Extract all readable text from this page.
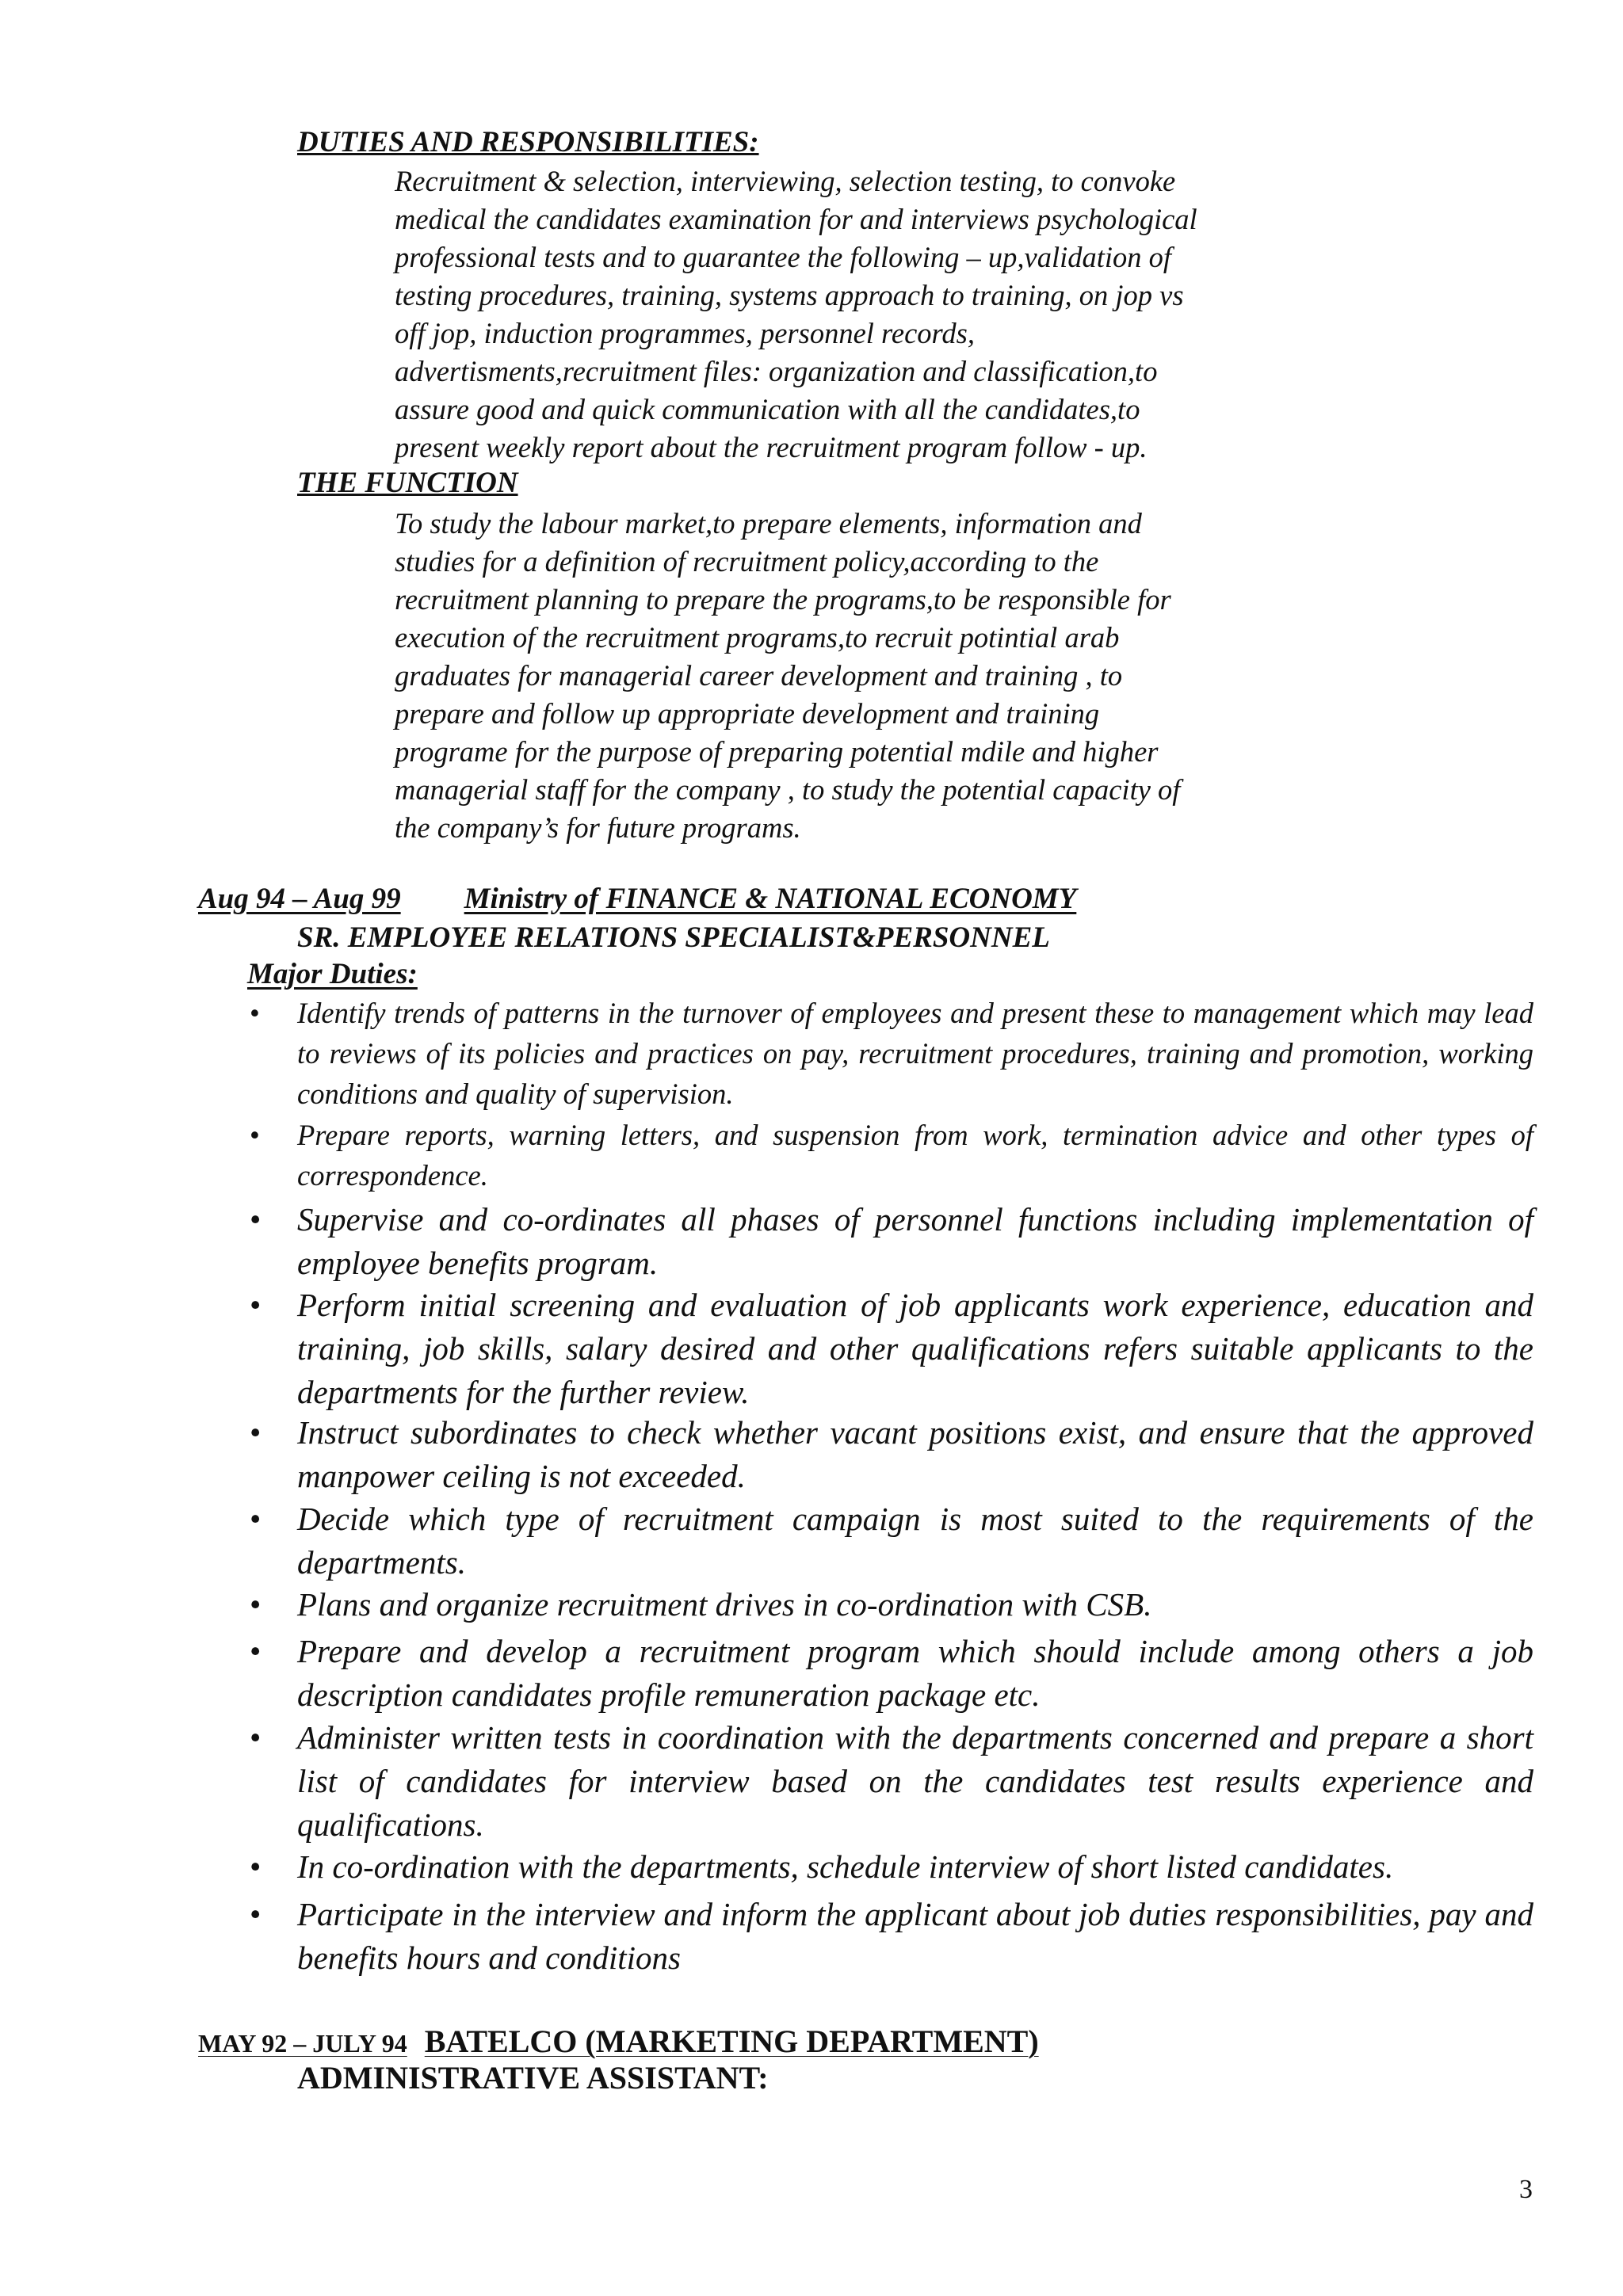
DUTIES AND RESPONSIBILITIES:

Recruitment & selection, interviewing, selection testing, to convoke

medical the candidates examination for and interviews psychological

professional tests and to guarantee the following – up,validation of

testing procedures, training, systems approach to training, on jop vs

off jop, induction programmes, personnel records,

advertisments,recruitment files: organization and classification,to

assure good and quick communication with all the candidates,to

present weekly report about the recruitment program follow - up.

THE FUNCTION

To study the labour market,to prepare elements, information and

studies for a definition of recruitment policy,according to the

recruitment planning to prepare the programs,to be responsible for

execution of the recruitment programs,to recruit potintial arab

graduates for managerial career development and training , to

prepare and follow up appropriate development and training

programe for the purpose of preparing potential mdile and higher

managerial staff for the company , to study the potential capacity of

the company’s for future programs.

Aug 94 – Aug 99 Ministry of FINANCE & NATIONAL ECONOMY
SR. EMPLOYEE RELATIONS SPECIALIST&PERSONNEL
Major Duties:
• Identify trends of patterns in the turnover of employees and present these to management which may lead to reviews of its policies and practices on pay, recruitment procedures, training and promotion, working conditions and quality of supervision.
• Prepare reports, warning letters, and suspension from work, termination advice and other types of correspondence.
• Supervise and co-ordinates all phases of personnel functions including implementation of employee benefits program.
• Perform initial screening and evaluation of job applicants work experience, education and training, job skills, salary desired and other qualifications refers suitable applicants to the departments for the further review.
• Instruct subordinates to check whether vacant positions exist, and ensure that the approved manpower ceiling is not exceeded.
• Decide which type of recruitment campaign is most suited to the requirements of the departments.
• Plans and organize recruitment drives in co-ordination with CSB.
• Prepare and develop a recruitment program which should include among others a job description candidates profile remuneration package etc.
• Administer written tests in coordination with the departments concerned and prepare a short list of candidates for interview based on the candidates test results experience and qualifications.
• In co-ordination with the departments, schedule interview of short listed candidates.
• Participate in the interview and inform the applicant about job duties responsibilities, pay and benefits hours and conditions
MAY 92 – JULY 94 BATELCO (MARKETING DEPARTMENT)
ADMINISTRATIVE ASSISTANT:
3
